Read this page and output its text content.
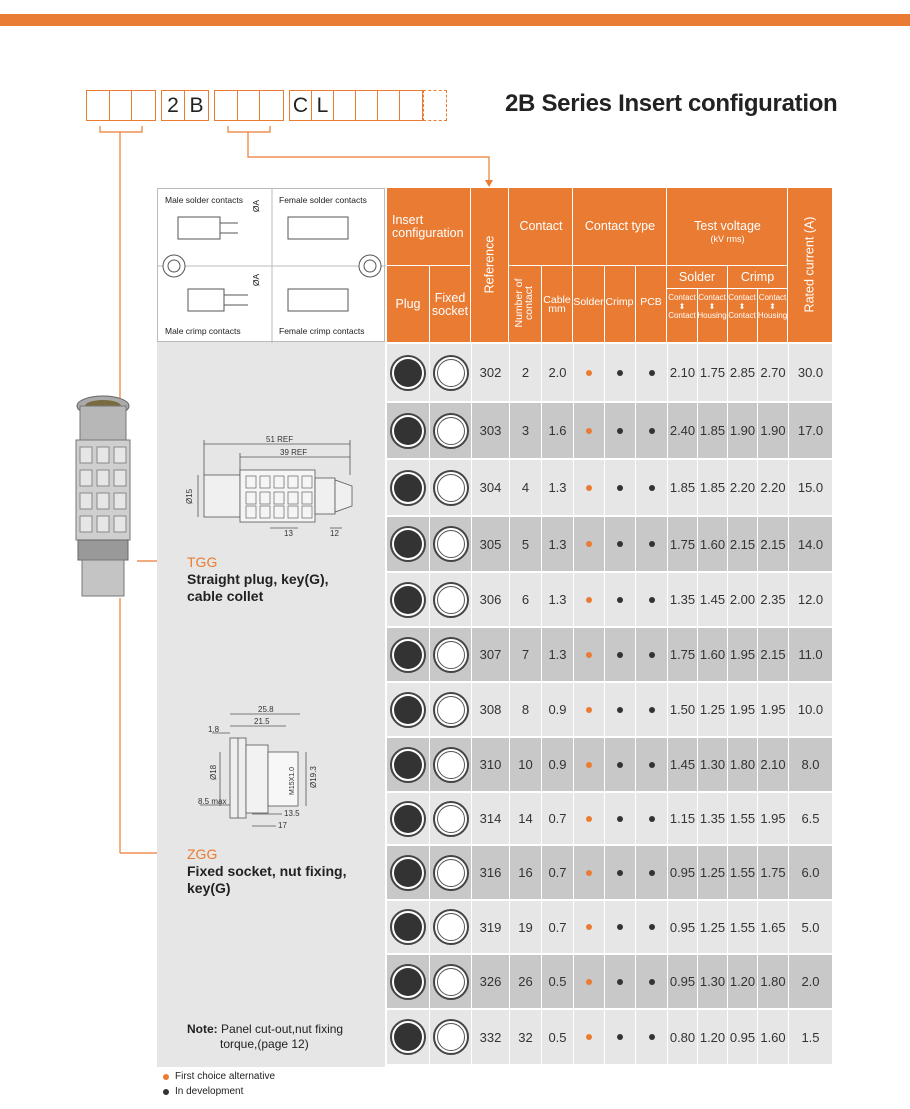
2 B	C L	2B Series Insert configuration
Male solder contacts	Female solder contacts
Male crimp contacts	Female crimp contacts
ØA
ØA
Insert configuration
Plug	Fixed socket
Reference
Contact
Number of contact Cable mm
Contact type
Solder Crimp PCB
Test voltage
(kV rms)
Solder	Crimp
Contact
⬍
Contact
Contact
⬍
Housing
Contact
⬍
Contact
Contact
⬍
Housing
Rated current (A)
302	2	2.0	2.10 1.75 2.85 2.70 30.0
303	3	1.6	2.40 1.85 1.90 1.90 17.0
304	4	1.3	1.85 1.85 2.20 2.20 15.0
305	5	1.3	1.75 1.60 2.15 2.15 14.0
306	6	1.3	1.35 1.45 2.00 2.35 12.0
307	7	1.3	1.75 1.60 1.95 2.15 11.0
308	8	0.9	1.50 1.25 1.95 1.95 10.0
310	10	0.9	1.45 1.30 1.80 2.10	8.0
314	14	0.7	1.15 1.35 1.55 1.95	6.5
316	16	0.7	0.95 1.25 1.55 1.75	6.0
319	19	0.7	0.95 1.25 1.55 1.65	5.0
326	26	0.5	0.95 1.30 1.20 1.80	2.0
332	32	0.5	0.80 1.20 0.95 1.60	1.5
51 REF
39 REF
Ø15
13	12
TGG
Straight plug, key(G),
cable collet
25.8
21.5
1.8
Ø18	M15X1.0 Ø19.3
8.5 max
13.5
17
ZGG
Fixed socket, nut fixing,
key(G)
Note: Panel cut-out,nut fixing
torque,(page 12)
First choice alternative
In development
